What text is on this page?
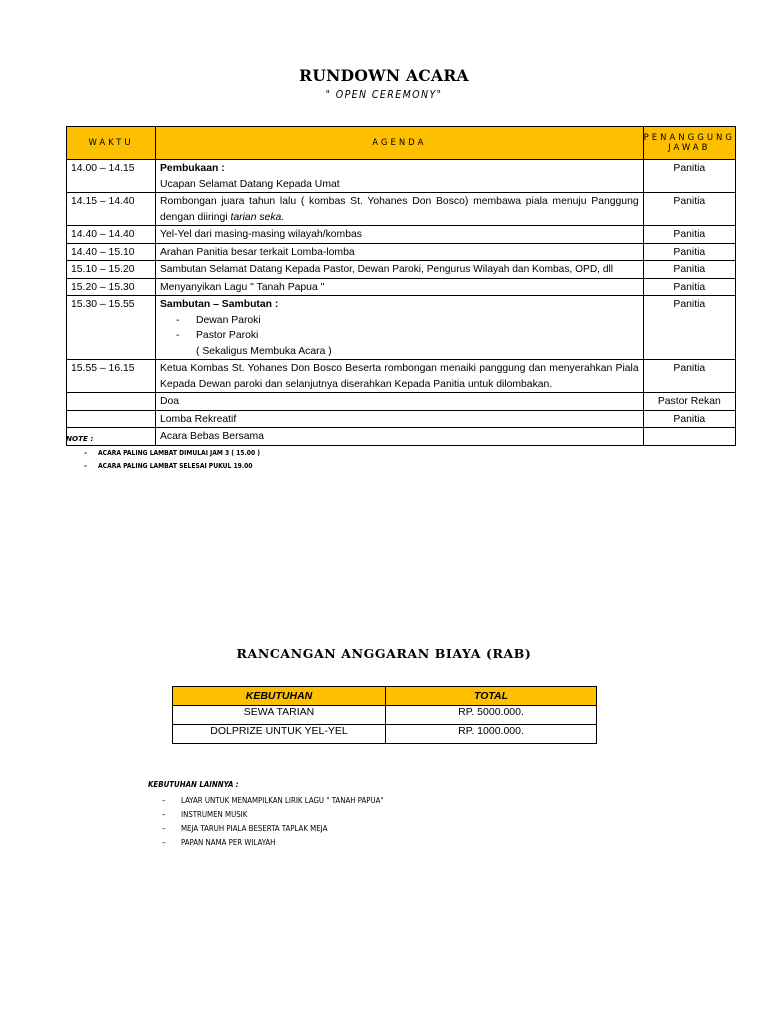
RUNDOWN ACARA
" OPEN CEREMONY"
WAKTU	AGENDA	PENANGGUNG JAWAB
14.00 – 14.15	Pembukaan :
Ucapan Selamat Datang Kepada Umat	Panitia
14.15 – 14.40	Rombongan juara tahun lalu ( kombas St. Yohanes Don Bosco) membawa piala menuju Panggung dengan diiringi tarian seka.	Panitia
14.40 – 14.40	Yel-Yel dari masing-masing wilayah/kombas	Panitia
14.40 – 15.10	Arahan Panitia besar terkait Lomba-lomba	Panitia
15.10 – 15.20	Sambutan Selamat Datang Kepada Pastor, Dewan Paroki, Pengurus Wilayah dan Kombas, OPD, dll	Panitia
15.20 – 15.30	Menyanyikan Lagu " Tanah Papua "	Panitia
15.30 – 15.55	Sambutan – Sambutan :
- Dewan Paroki
- Pastor Paroki
( Sekaligus Membuka Acara )	Panitia
15.55 – 16.15	Ketua Kombas St. Yohanes Don Bosco Beserta rombongan menaiki panggung dan menyerahkan Piala Kepada Dewan paroki dan selanjutnya diserahkan Kepada Panitia untuk dilombakan.	Panitia
	Doa	Pastor Rekan
	Lomba Rekreatif	Panitia
	Acara Bebas Bersama	
NOTE :
– ACARA PALING LAMBAT DIMULAI JAM 3 ( 15.00 )
– ACARA PALING LAMBAT SELESAI PUKUL 19.00
RANCANGAN ANGGARAN BIAYA (RAB)
KEBUTUHAN	TOTAL
SEWA TARIAN	RP. 5000.000.
DOLPRIZE UNTUK YEL-YEL	RP. 1000.000.
KEBUTUHAN LAINNYA :
– LAYAR UNTUK MENAMPILKAN LIRIK LAGU " TANAH PAPUA"
– INSTRUMEN MUSIK
– MEJA TARUH PIALA BESERTA TAPLAK MEJA
– PAPAN NAMA PER WILAYAH
